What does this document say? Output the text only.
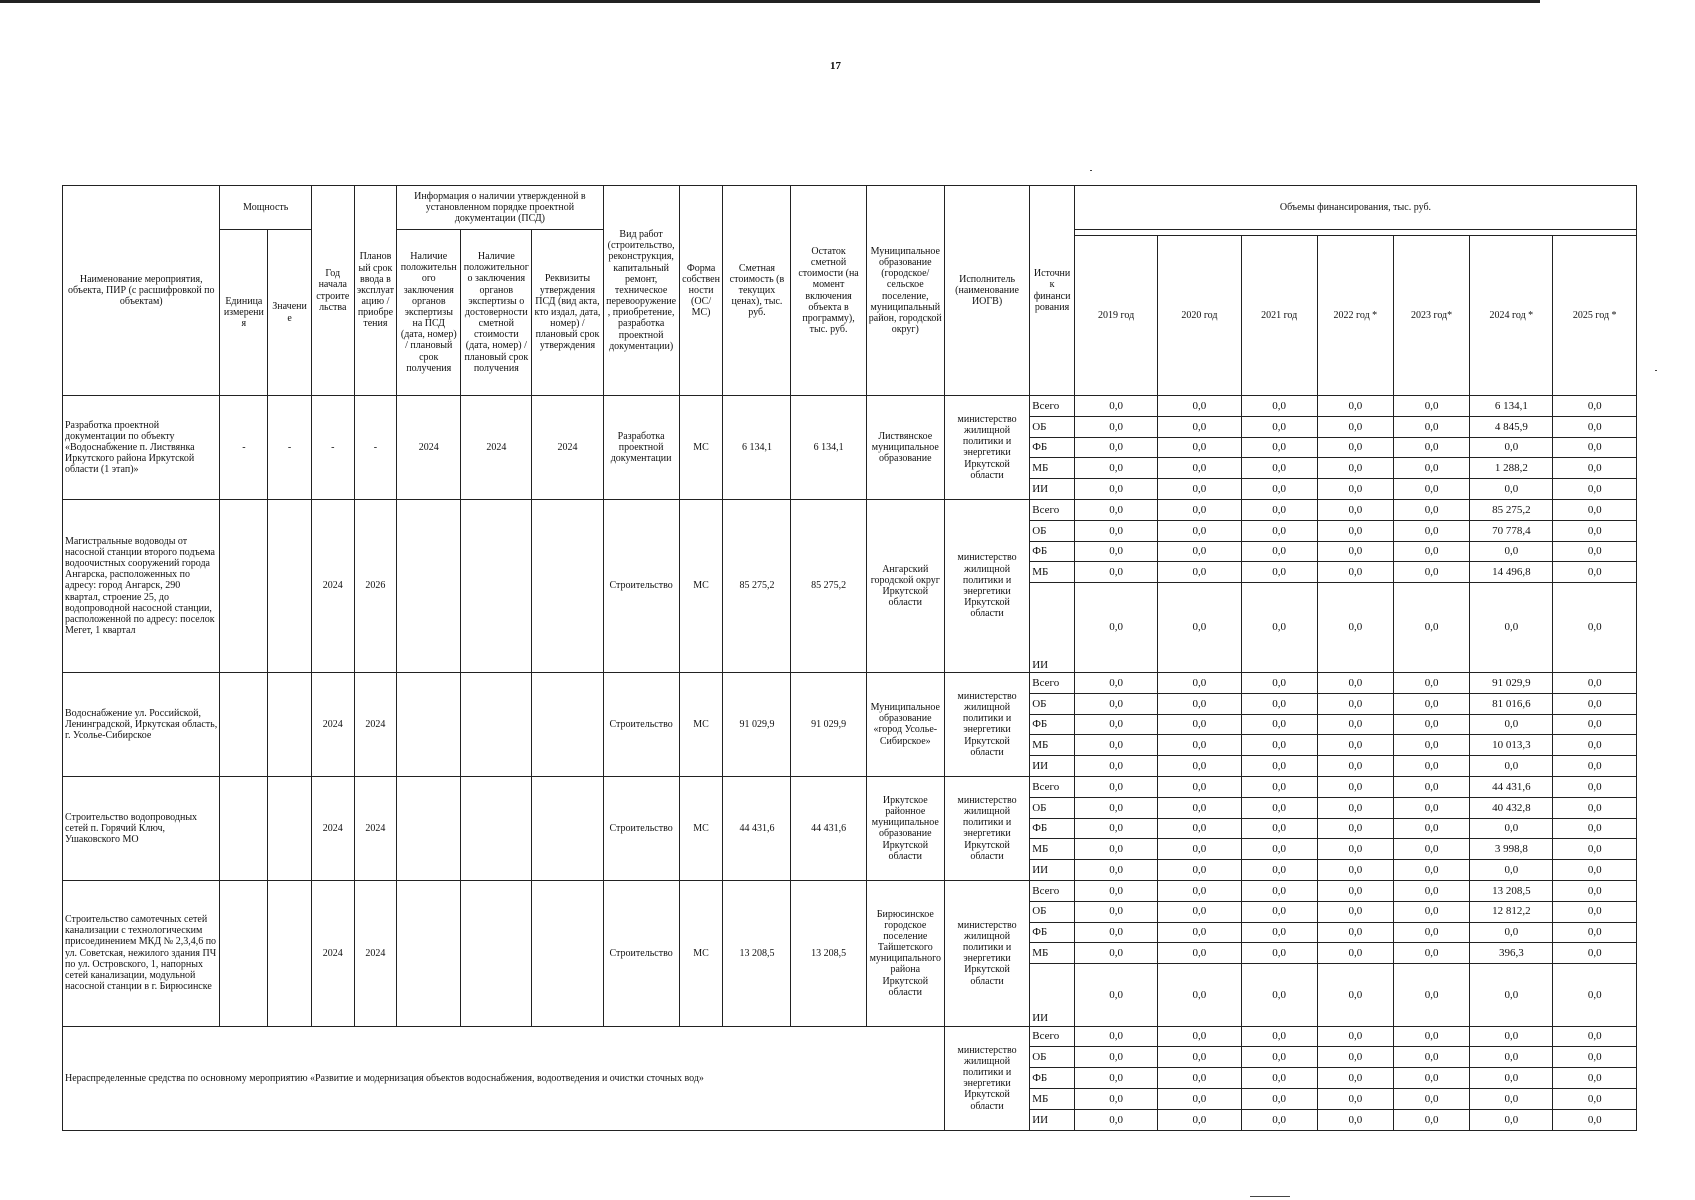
17
Наименование мероприятия, объекта, ПИР (с расшифровкой по объектам)	Мощность		Год начала строительства	Плановый срок ввода в эксплуатацию / приобретения	Информация о наличии утвержденной в установленном порядке проектной документации (ПСД)			Вид работ (строительство, реконструкция, капитальный ремонт, техническое перевооружение, приобретение, разработка проектной документации)	Форма собственности (ОС/МС)	Сметная стоимость (в текущих ценах), тыс. руб.	Остаток сметной стоимости (на момент включения объекта в программу), тыс. руб.	Муниципальное образование (городское/сельское поселение, муниципальный район, городской округ)	Исполнитель (наименование ИОГВ)	Источник финансирования	Объемы финансирования, тыс. руб.						
	Единица измерения	Значение			Наличие положительного заключения органов экспертизы на ПСД (дата, номер) / плановый срок получения	Наличие положительного заключения органов экспертизы о достоверности сметной стоимости (дата, номер) / плановый срок получения	Реквизиты утверждения ПСД (вид акта, кто издал, дата, номер) / плановый срок утверждения														
															2019 год	2020 год	2021 год	2022 год *	2023 год*	2024 год *	2025 год *
Разработка проектной документации по объекту «Водоснабжение п. Листвянка Иркутского района Иркутской области (1 этап)»	-	-	-	-	2024	2024	2024	Разработка проектной документации	МС	6 134,1	6 134,1	Листвянское муниципальное образование	министерство жилищной политики и энергетики Иркутской области	Всего	0,0	0,0	0,0	0,0	0,0	6 134,1	0,0
														ОБ	0,0	0,0	0,0	0,0	0,0	4 845,9	0,0
														ФБ	0,0	0,0	0,0	0,0	0,0	0,0	0,0
														МБ	0,0	0,0	0,0	0,0	0,0	1 288,2	0,0
														ИИ	0,0	0,0	0,0	0,0	0,0	0,0	0,0
Магистральные водоводы от насосной станции второго подъема водоочистных сооружений города Ангарска, расположенных по адресу: город Ангарск, 290 квартал, строение 25, до водопроводной насосной станции, расположенной по адресу: поселок Мегет, 1 квартал			2024	2026				Строительство	МС	85 275,2	85 275,2	Ангарский городской округ Иркутской области	министерство жилищной политики и энергетики Иркутской области	Всего	0,0	0,0	0,0	0,0	0,0	85 275,2	0,0
														ОБ	0,0	0,0	0,0	0,0	0,0	70 778,4	0,0
														ФБ	0,0	0,0	0,0	0,0	0,0	0,0	0,0
														МБ	0,0	0,0	0,0	0,0	0,0	14 496,8	0,0
														ИИ	0,0	0,0	0,0	0,0	0,0	0,0	0,0
Водоснабжение ул. Российской, Ленинградской, Иркутская область, г. Усолье-Сибирское			2024	2024				Строительство	МС	91 029,9	91 029,9	Муниципальное образование «город Усолье-Сибирское»	министерство жилищной политики и энергетики Иркутской области	Всего	0,0	0,0	0,0	0,0	0,0	91 029,9	0,0
														ОБ	0,0	0,0	0,0	0,0	0,0	81 016,6	0,0
														ФБ	0,0	0,0	0,0	0,0	0,0	0,0	0,0
														МБ	0,0	0,0	0,0	0,0	0,0	10 013,3	0,0
														ИИ	0,0	0,0	0,0	0,0	0,0	0,0	0,0
Строительство водопроводных сетей п. Горячий Ключ, Ушаковского МО			2024	2024				Строительство	МС	44 431,6	44 431,6	Иркутское районное муниципальное образование Иркутской области	министерство жилищной политики и энергетики Иркутской области	Всего	0,0	0,0	0,0	0,0	0,0	44 431,6	0,0
														ОБ	0,0	0,0	0,0	0,0	0,0	40 432,8	0,0
														ФБ	0,0	0,0	0,0	0,0	0,0	0,0	0,0
														МБ	0,0	0,0	0,0	0,0	0,0	3 998,8	0,0
														ИИ	0,0	0,0	0,0	0,0	0,0	0,0	0,0
Строительство самотечных сетей канализации с технологическим присоединением МКД № 2,3,4,6 по ул. Советская, нежилого здания ПЧ по ул. Островского, 1, напорных сетей канализации, модульной насосной станции в г. Бирюсинске			2024	2024				Строительство	МС	13 208,5	13 208,5	Бирюсинское городское поселение Тайшетского муниципального района Иркутской области	министерство жилищной политики и энергетики Иркутской области	Всего	0,0	0,0	0,0	0,0	0,0	13 208,5	0,0
														ОБ	0,0	0,0	0,0	0,0	0,0	12 812,2	0,0
														ФБ	0,0	0,0	0,0	0,0	0,0	0,0	0,0
														МБ	0,0	0,0	0,0	0,0	0,0	396,3	0,0
														ИИ	0,0	0,0	0,0	0,0	0,0	0,0	0,0
Нераспределенные средства по основному мероприятию «Развитие и модернизация объектов водоснабжения, водоотведения и очистки сточных вод»													министерство жилищной политики и энергетики Иркутской области	Всего	0,0	0,0	0,0	0,0	0,0	0,0	0,0
														ОБ	0,0	0,0	0,0	0,0	0,0	0,0	0,0
														ФБ	0,0	0,0	0,0	0,0	0,0	0,0	0,0
														МБ	0,0	0,0	0,0	0,0	0,0	0,0	0,0
														ИИ	0,0	0,0	0,0	0,0	0,0	0,0	0,0
